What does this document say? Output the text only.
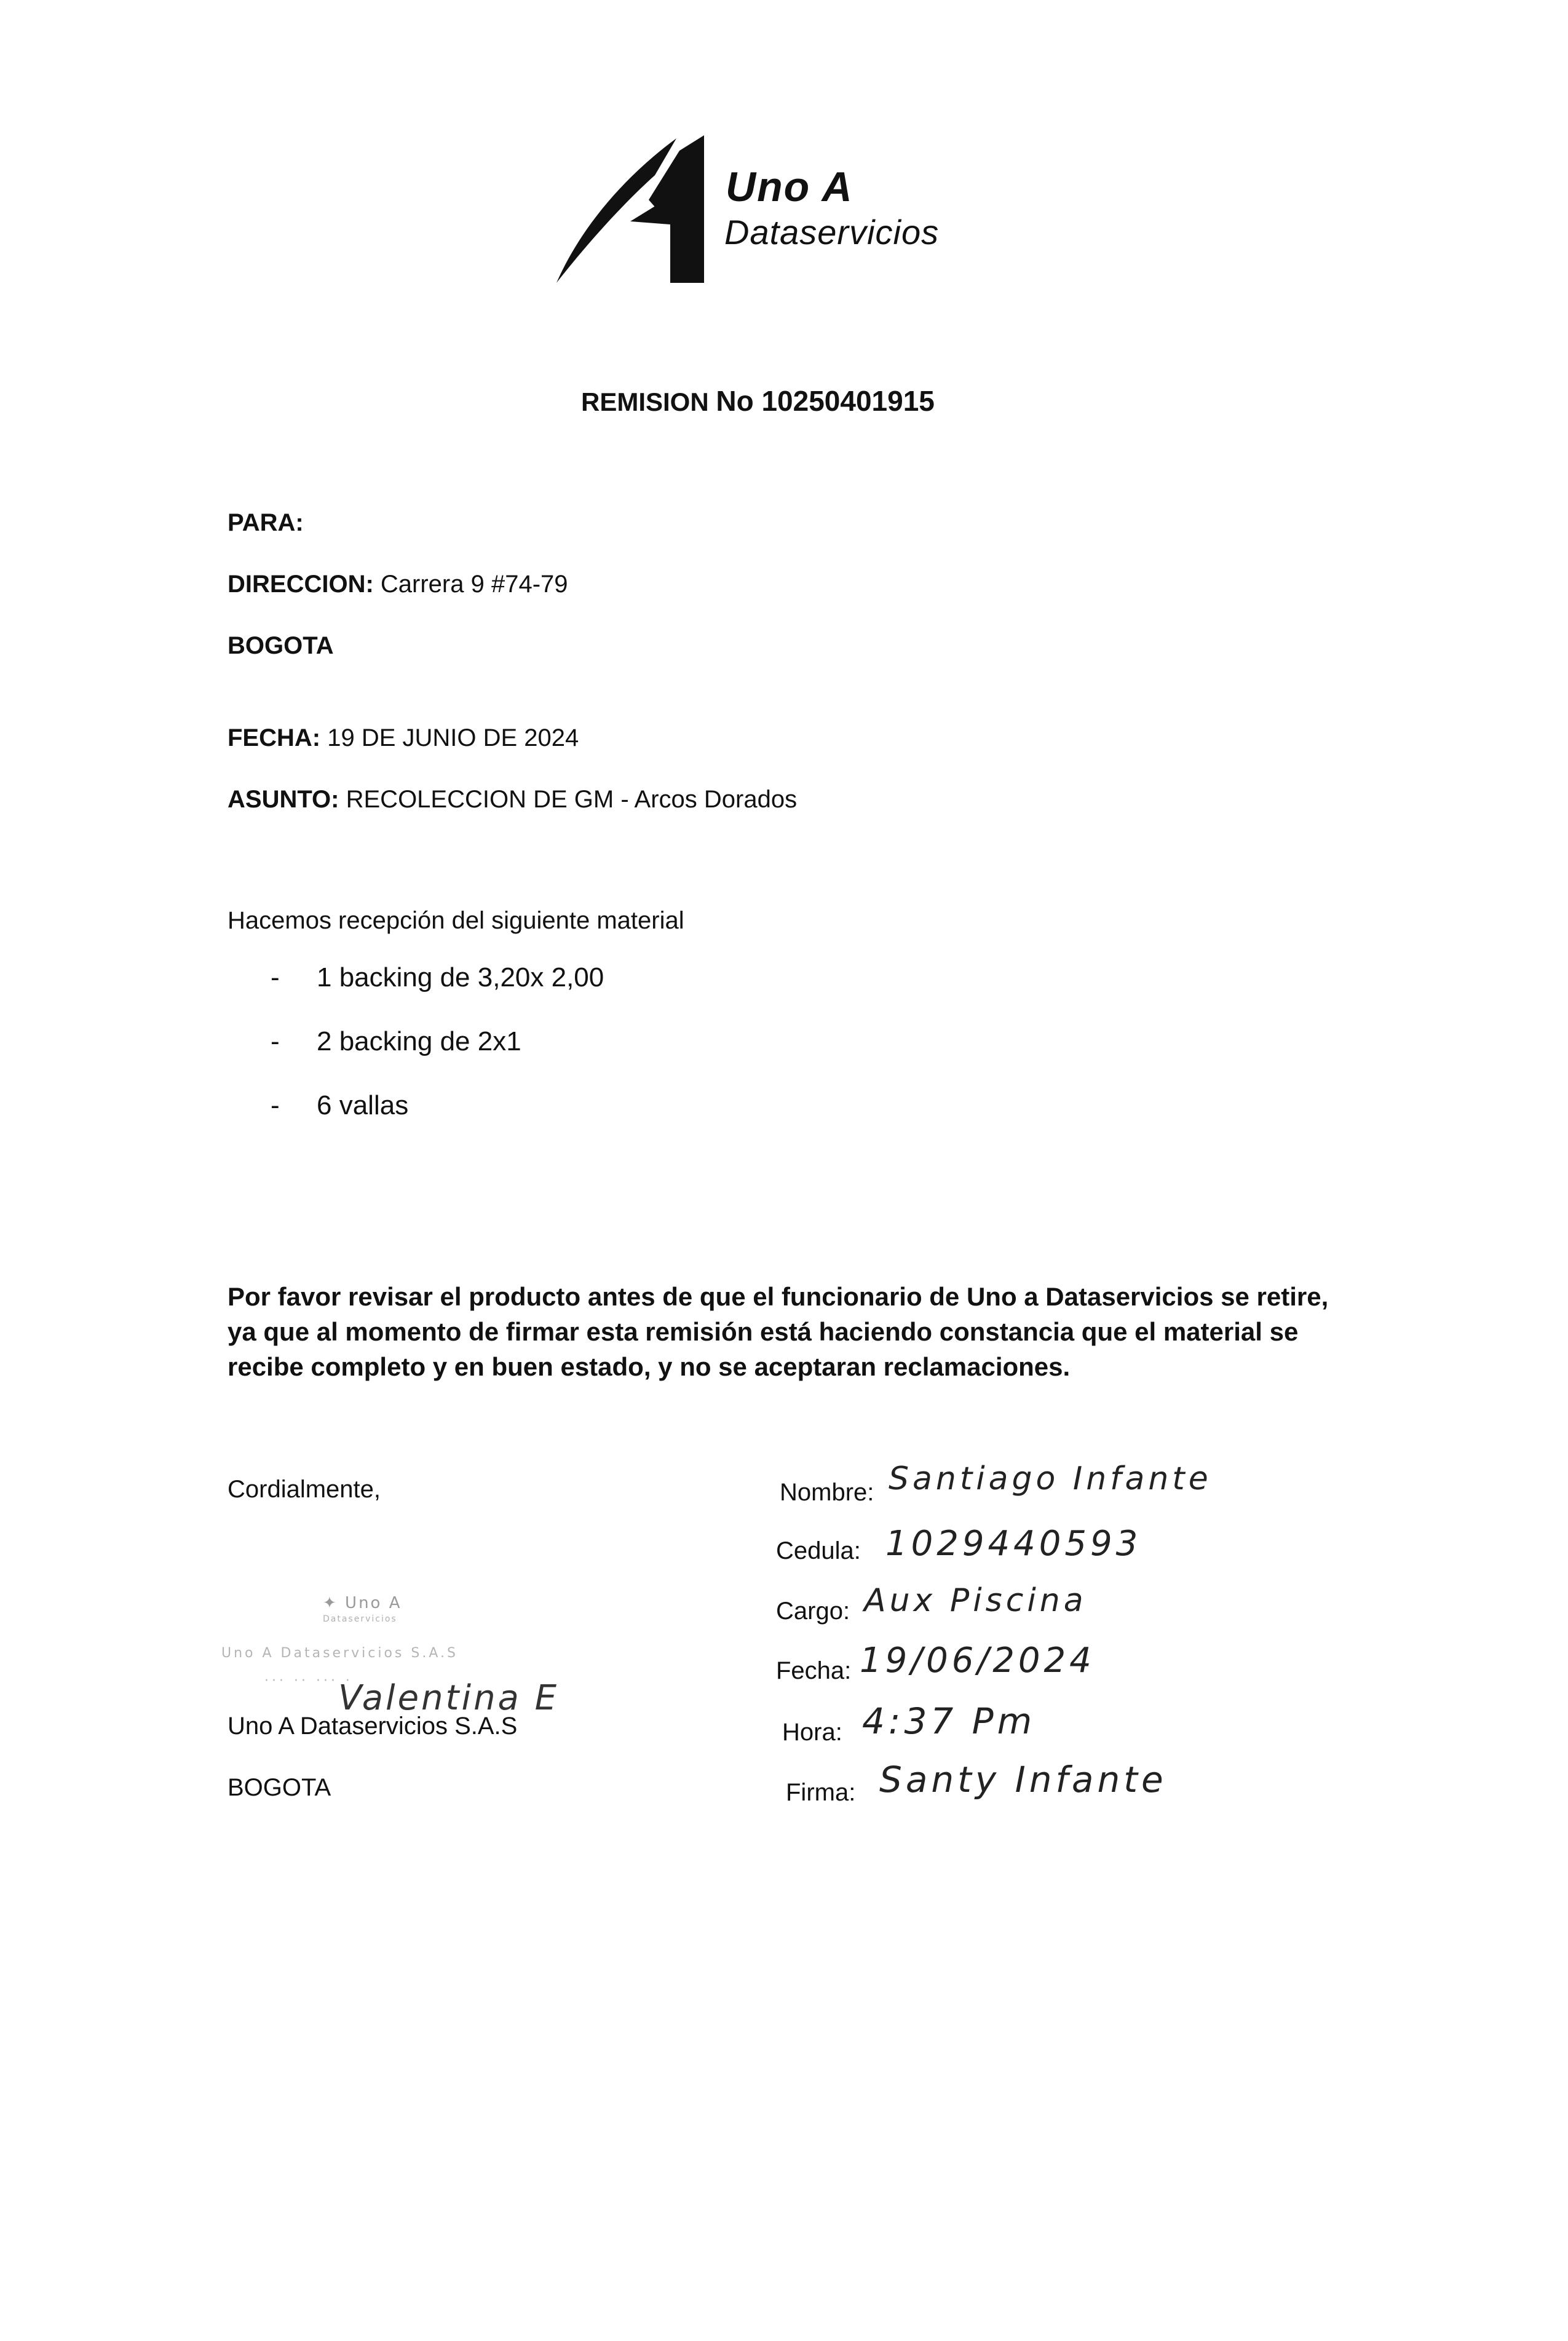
Uno A
Dataservicios
REMISION No 10250401915
PARA:
DIRECCION: Carrera 9 #74-79
BOGOTA
FECHA: 19 DE JUNIO DE 2024
ASUNTO: RECOLECCION DE GM - Arcos Dorados
Hacemos recepción del siguiente material
- 1 backing de 3,20x 2,00
- 2 backing de 2x1
- 6 vallas
Por favor revisar el producto antes de que el funcionario de Uno a Dataservicios se retire, ya que al momento de firmar esta remisión está haciendo constancia que el material se recibe completo y en buen estado, y no se aceptaran reclamaciones.
Cordialmente,
✦ Uno A
Dataservicios
Uno A Dataservicios S.A.S
··· ·· ··· ·
Valentina E
Uno A Dataservicios S.A.S
BOGOTA
Nombre: Santiago Infante
Cedula: 1029440593
Cargo: Aux Piscina
Fecha: 19/06/2024
Hora: 4:37 Pm
Firma: Santy Infante
